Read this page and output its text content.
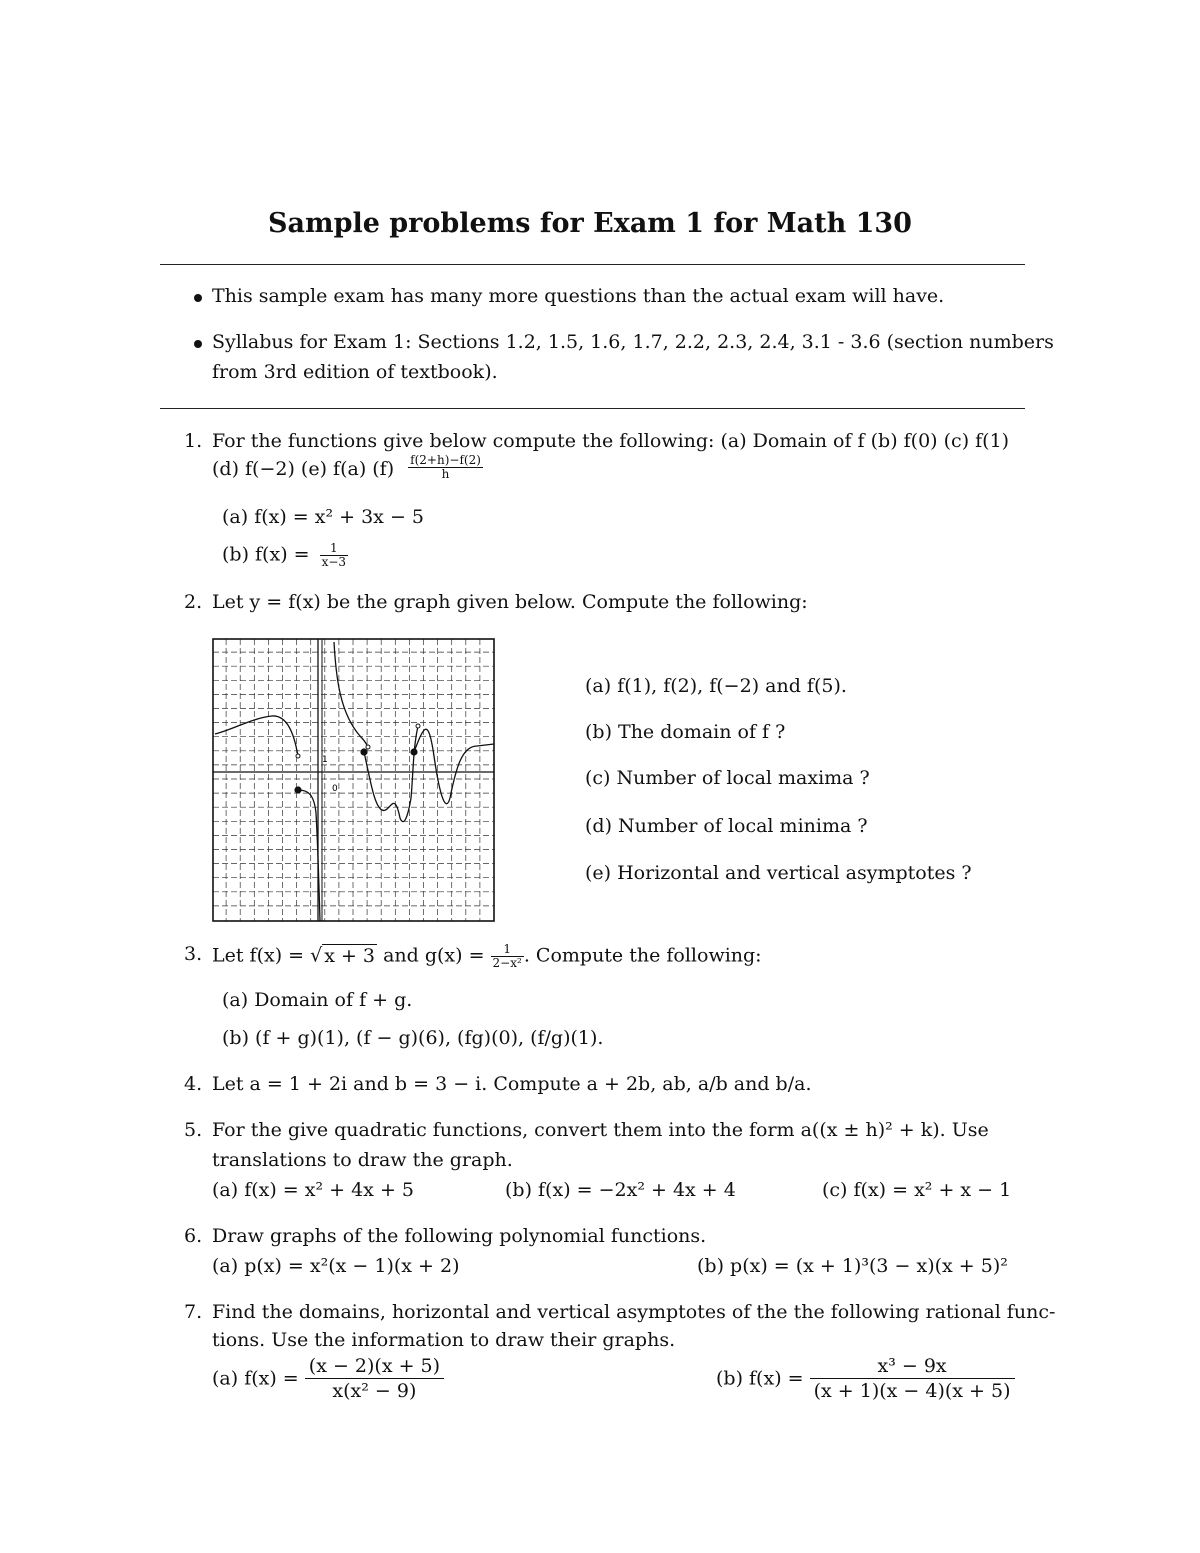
Sample problems for Exam 1 for Math 130
This sample exam has many more questions than the actual exam will have.
Syllabus for Exam 1: Sections 1.2, 1.5, 1.6, 1.7, 2.2, 2.3, 2.4, 3.1 - 3.6 (section numbers
from 3rd edition of textbook).
1. For the functions give below compute the following: (a) Domain of f (b) f(0) (c) f(1)
(d) f(−2) (e) f(a) $(f) \frac{f(2+h)-f(2)}{h}$
(a) f(x) = x² + 3x − 5
(b) $f(x) = \frac{1}{x-3}$
2. Let y = f(x) be the graph given below. Compute the following:
0
1
(a) f(1), f(2), f(−2) and f(5).
(b) The domain of f ?
(c) Number of local maxima ?
(d) Number of local minima ?
(e) Horizontal and vertical asymptotes ?
3. Let f(x) = √ x + 3 and $g(x) = \frac{1}{\text{2−x²}}$ . Compute the following:
(a) Domain of f + g.
(b) (f + g)(1), (f − g)(6), (fg)(0), (f/g)(1).
4. Let a = 1 + 2i and b = 3 − i. Compute a + 2b, ab, a/b and b/a.
5. For the give quadratic functions, convert them into the form a((x ± h)² + k). Use
translations to draw the graph.
(a) f(x) = x² + 4x + 5	(b) f(x) = −2x² + 4x + 4	(c) f(x) = x² + x − 1
6. Draw graphs of the following polynomial functions.
(a) p(x) = x²(x − 1)(x + 2)	(b) p(x) = (x + 1)³(3 − x)(x + 5)²
7. Find the domains, horizontal and vertical asymptotes of the the following rational func-
tions. Use the information to draw their graphs.
(a) $f(x) = \frac{(x - 2)(x + 5)}{\text{x(x² − 9)}}$	(b) $f(x) = \frac{\text{x³ − 9x}}{(x + 1)(x - 4)(x + 5)}$
